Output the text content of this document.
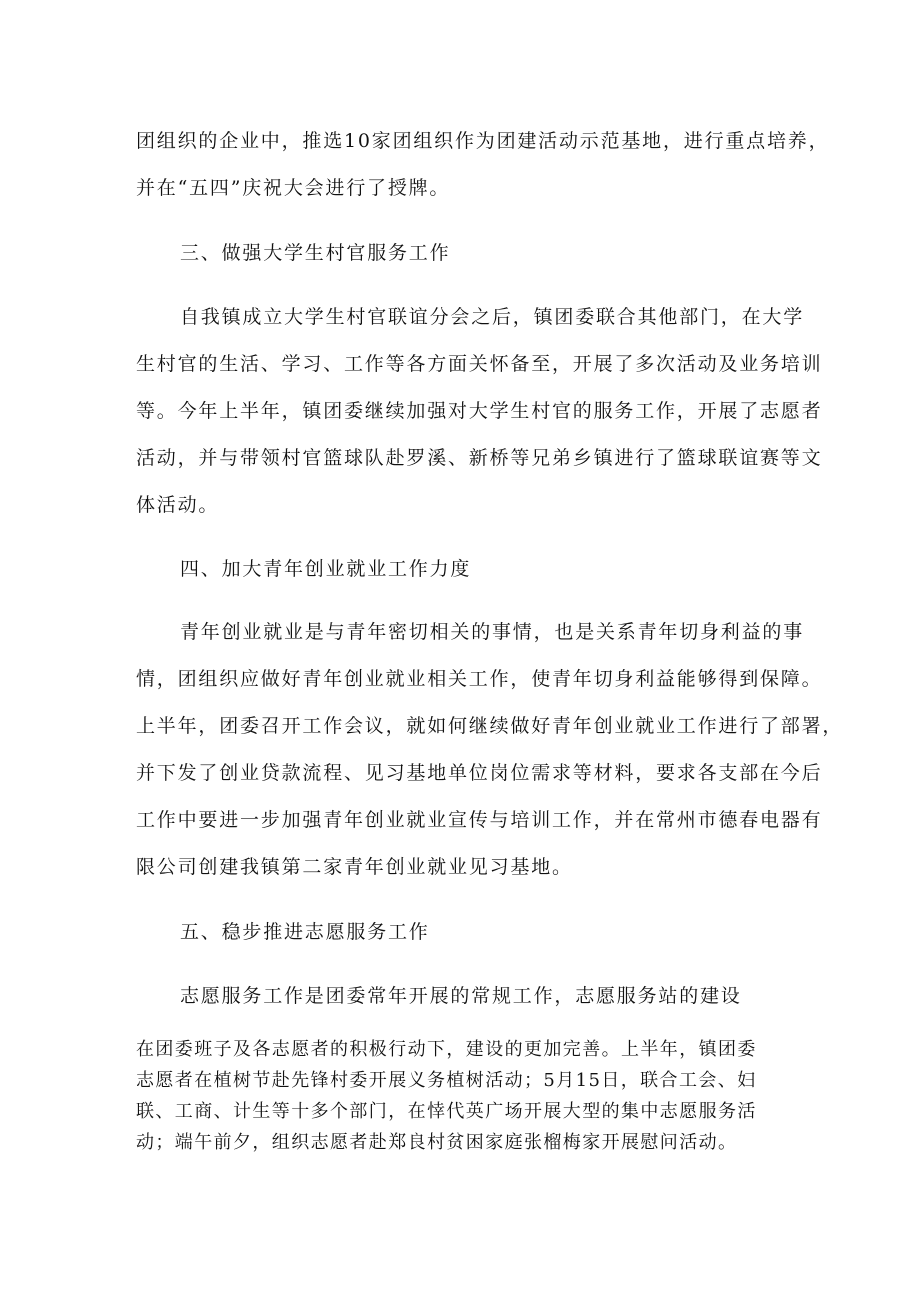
团组织的企业中，推选10家团组织作为团建活动示范基地，进行重点培养，
并在“五四”庆祝大会进行了授牌。
三、做强大学生村官服务工作
自我镇成立大学生村官联谊分会之后，镇团委联合其他部门，在大学
生村官的生活、学习、工作等各方面关怀备至，开展了多次活动及业务培训
等。今年上半年，镇团委继续加强对大学生村官的服务工作，开展了志愿者
活动，并与带领村官篮球队赴罗溪、新桥等兄弟乡镇进行了篮球联谊赛等文
体活动。
四、加大青年创业就业工作力度
青年创业就业是与青年密切相关的事情，也是关系青年切身利益的事
情，团组织应做好青年创业就业相关工作，使青年切身利益能够得到保障。
上半年，团委召开工作会议，就如何继续做好青年创业就业工作进行了部署，
并下发了创业贷款流程、见习基地单位岗位需求等材料，要求各支部在今后
工作中要进一步加强青年创业就业宣传与培训工作，并在常州市德春电器有
限公司创建我镇第二家青年创业就业见习基地。
五、稳步推进志愿服务工作
志愿服务工作是团委常年开展的常规工作，志愿服务站的建设
在团委班子及各志愿者的积极行动下，建设的更加完善。上半年，镇团委
志愿者在植树节赴先锋村委开展义务植树活动；5月15日，联合工会、妇
联、工商、计生等十多个部门，在悻代英广场开展大型的集中志愿服务活
动；端午前夕，组织志愿者赴郑良村贫困家庭张榴梅家开展慰问活动。
